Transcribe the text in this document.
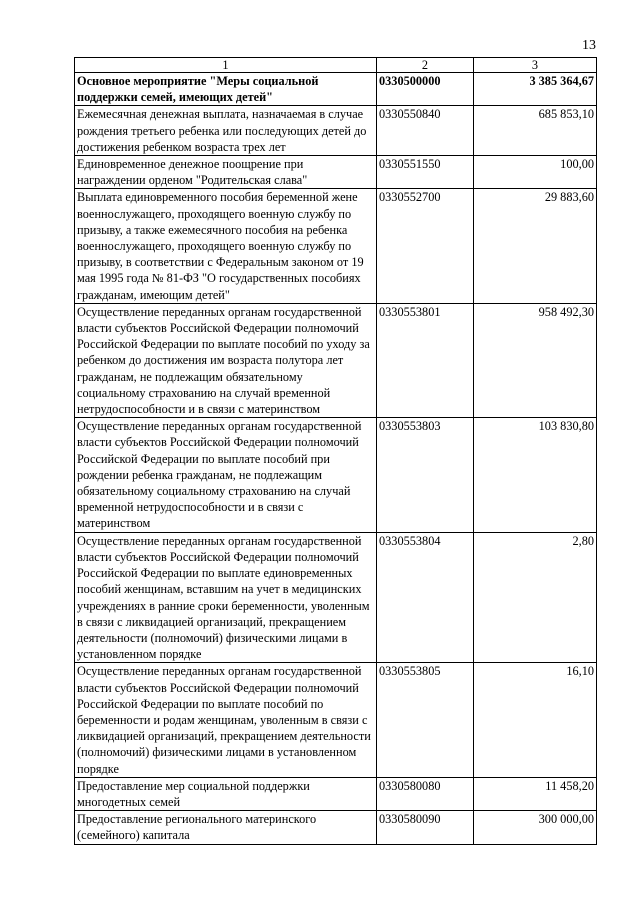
13
1	2	3
Основное мероприятие "Меры социальной поддержки семей, имеющих детей"	0330500000	3 385 364,67
Ежемесячная денежная выплата, назначаемая в случае рождения третьего ребенка или последующих детей до достижения ребенком возраста трех лет	0330550840	685 853,10
Единовременное денежное поощрение при награждении орденом "Родительская слава"	0330551550	100,00
Выплата единовременного пособия беременной жене военнослужащего, проходящего военную службу по призыву, а также ежемесячного пособия на ребенка военнослужащего, проходящего военную службу по призыву, в соответствии с Федеральным законом от 19 мая 1995 года № 81-ФЗ "О государственных пособиях гражданам, имеющим детей"	0330552700	29 883,60
Осуществление переданных органам государственной власти субъектов Российской Федерации полномочий Российской Федерации по выплате пособий по уходу за ребенком до достижения им возраста полутора лет гражданам, не подлежащим обязательному социальному страхованию на случай временной нетрудоспособности и в связи с материнством	0330553801	958 492,30
Осуществление переданных органам государственной власти субъектов Российской Федерации полномочий Российской Федерации по выплате пособий при рождении ребенка гражданам, не подлежащим обязательному социальному страхованию на случай временной нетрудоспособности и в связи с материнством	0330553803	103 830,80
Осуществление переданных органам государственной власти субъектов Российской Федерации полномочий Российской Федерации по выплате единовременных пособий женщинам, вставшим на учет в медицинских учреждениях в ранние сроки беременности, уволенным в связи с ликвидацией организаций, прекращением деятельности (полномочий) физическими лицами в установленном порядке	0330553804	2,80
Осуществление переданных органам государственной власти субъектов Российской Федерации полномочий Российской Федерации по выплате пособий по беременности и родам женщинам, уволенным в связи с ликвидацией организаций, прекращением деятельности (полномочий) физическими лицами в установленном порядке	0330553805	16,10
Предоставление мер социальной поддержки многодетных семей	0330580080	11 458,20
Предоставление регионального материнского (семейного) капитала	0330580090	300 000,00
